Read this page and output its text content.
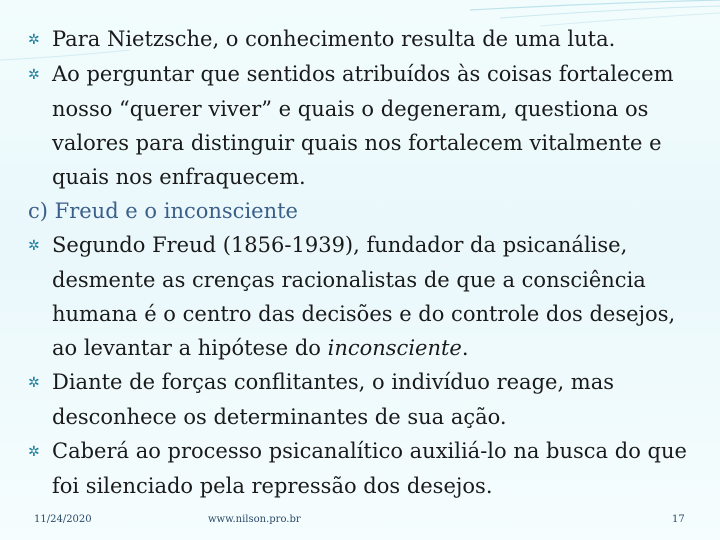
✲ Para Nietzsche, o conhecimento resulta de uma luta.

✲ Ao perguntar que sentidos atribuídos às coisas fortalecem nosso “querer viver” e quais o degeneram, questiona os valores para distinguir quais nos fortalecem vitalmente e quais nos enfraquecem.

c) Freud e o inconsciente

✲ Segundo Freud (1856-1939), fundador da psicanálise, desmente as crenças racionalistas de que a consciência humana é o centro das decisões e do controle dos desejos, ao levantar a hipótese do inconsciente.

✲ Diante de forças conflitantes, o indivíduo reage, mas desconhece os determinantes de sua ação.

✲ Caberá ao processo psicanalítico auxiliá-lo na busca do que foi silenciado pela repressão dos desejos.

11/24/2020	www.nilson.pro.br	17
